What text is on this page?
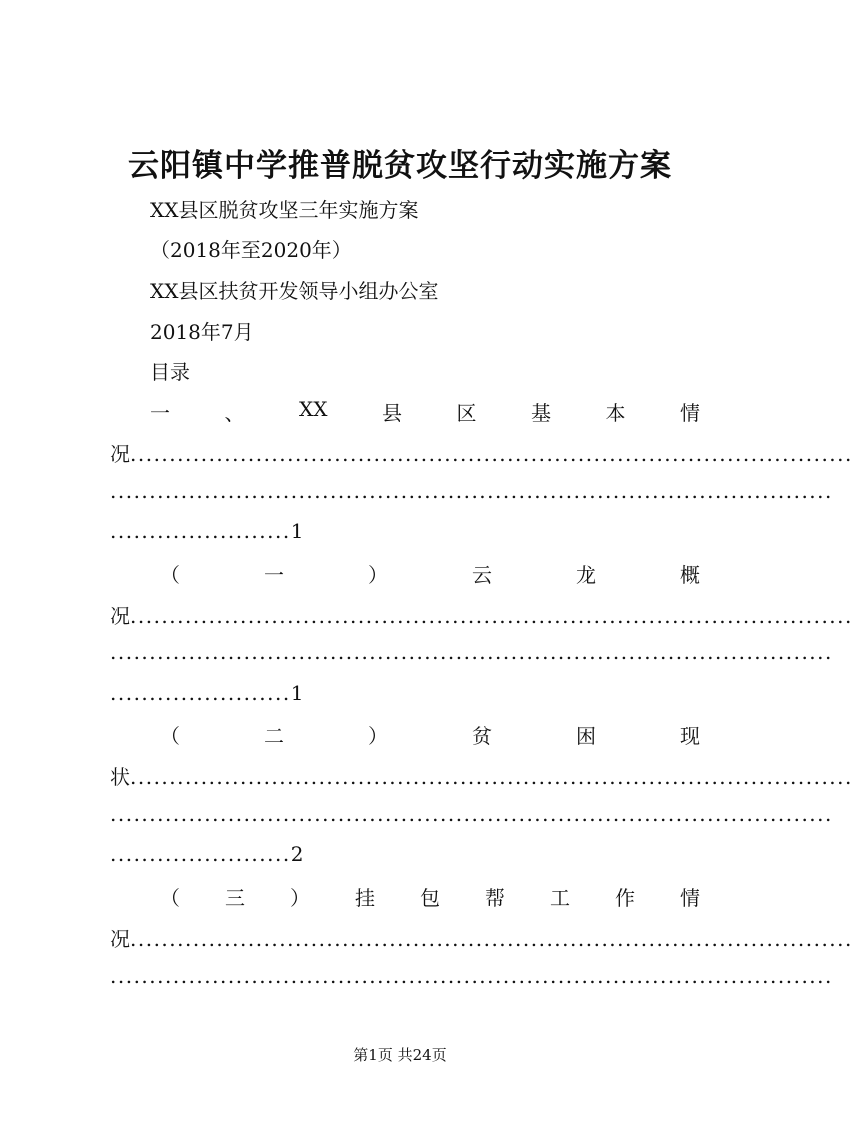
云阳镇中学推普脱贫攻坚行动实施方案
XX县区脱贫攻坚三年实施方案
（2018年至2020年）
XX县区扶贫开发领导小组办公室
2018年7月
目录
一	、	XX	县	区	基	本	情
况............................................................................................
............................................................................................
.......................1
（	一	）	云	龙	概
况............................................................................................
............................................................................................
.......................1
（	二	）	贫	困	现
状............................................................................................
............................................................................................
.......................2
（ 三 ） 挂 包 帮 工 作 情
况............................................................................................
............................................................................................
第1页 共24页
